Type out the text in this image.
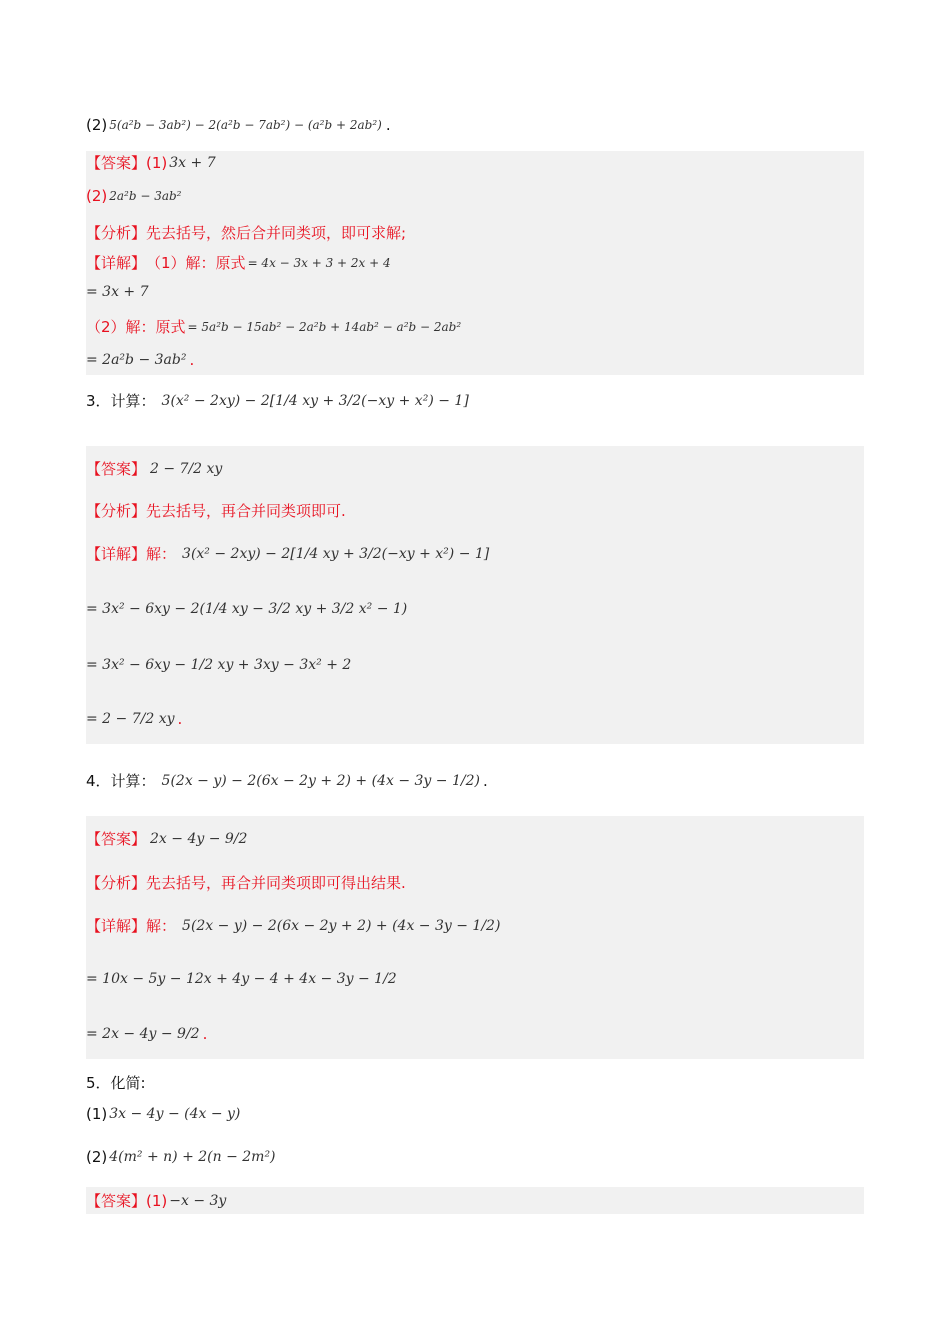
(2) 5(a²b − 3ab²) − 2(a²b − 7ab²) − (a²b + 2ab²) .
【答案】 (1) 3x + 7
(2) 2a²b − 3ab²
【分析】 先去括号，然后合并同类项，即可求解;
【详解】 （1）解：原式 = 4x − 3x + 3 + 2x + 4
= 3x + 7
（2）解：原式 = 5a²b − 15ab² − 2a²b + 14ab² − a²b − 2ab²
= 2a²b − 3ab² .
3．计算： 3(x² − 2xy) − 2[1/4 xy + 3/2(−xy + x²) − 1]
【答案】 2 − 7/2 xy
【分析】 先去括号，再合并同类项即可.
【详解】 解： 3(x² − 2xy) − 2[1/4 xy + 3/2(−xy + x²) − 1]
= 3x² − 6xy − 2(1/4 xy − 3/2 xy + 3/2 x² − 1)
= 3x² − 6xy − 1/2 xy + 3xy − 3x² + 2
= 2 − 7/2 xy .
4．计算： 5(2x − y) − 2(6x − 2y + 2) + (4x − 3y − 1/2) .
【答案】 2x − 4y − 9/2
【分析】 先去括号，再合并同类项即可得出结果.
【详解】 解： 5(2x − y) − 2(6x − 2y + 2) + (4x − 3y − 1/2)
= 10x − 5y − 12x + 4y − 4 + 4x − 3y − 1/2
= 2x − 4y − 9/2 .
5．化简:
(1) 3x − 4y − (4x − y)
(2) 4(m² + n) + 2(n − 2m²)
【答案】 (1) −x − 3y
